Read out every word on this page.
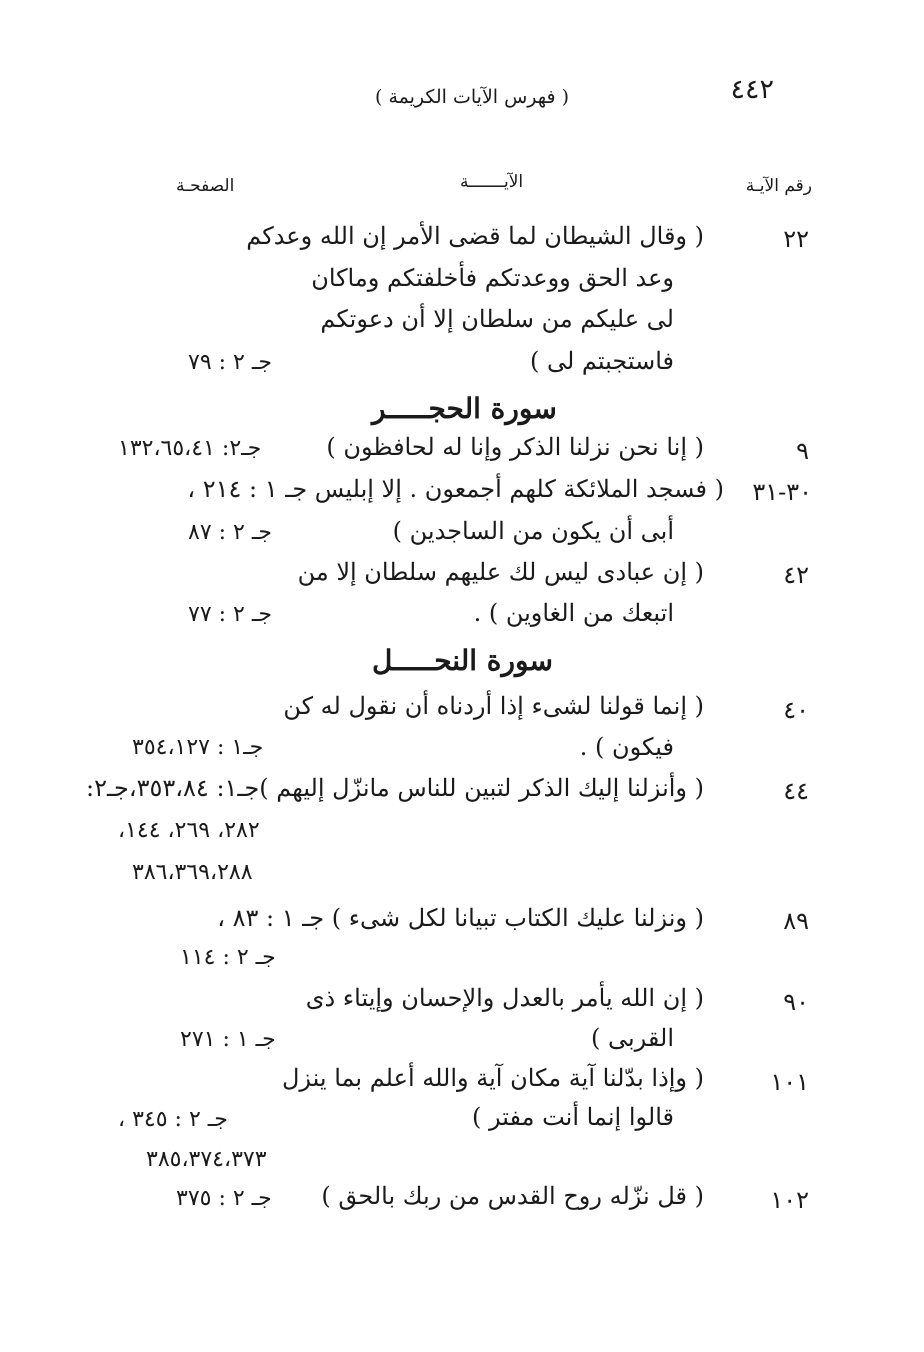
٤٤٢
( فهرس الآيات الكريمة )
رقم الآيـة
الآيـــــــة
الصفحـة
٢٢
( وقال الشيطان لما قضى الأمر إن الله وعدكم
وعد الحق ووعدتكم فأخلفتكم وماكان
لى عليكم من سلطان إلا أن دعوتكم
فاستجبتم لى )
جـ ٢ : ٧٩
سورة الحجـــــر
٩
( إنا نحن نزلنا الذكر وإنا له لحافظون )
جـ٢: ١٣٢،٦٥،٤١
٣٠-٣١
( فسجد الملائكة كلهم أجمعون . إلا إبليس جـ ١ : ٢١٤ ،
أبى أن يكون من الساجدين )
جـ ٢ : ٨٧
٤٢
( إن عبادى ليس لك عليهم سلطان إلا من
اتبعك من الغاوين ) .
جـ ٢ : ٧٧
سورة النحـــــل
٤٠
( إنما قولنا لشىء إذا أردناه أن نقول له كن
فيكون ) .
جـ١ : ٣٥٤،١٢٧
٤٤
( وأنزلنا إليك الذكر لتبين للناس مانزّل إليهم )جـ١: ٣٥٣،٨٤،جـ٢:
٢٨٢، ٢٦٩، ١٤٤،
٣٨٦،٣٦٩،٢٨٨
٨٩
( ونزلنا عليك الكتاب تبيانا لكل شىء ) جـ ١ : ٨٣ ،
جـ ٢ : ١١٤
٩٠
( إن الله يأمر بالعدل والإحسان وإيتاء ذى
القربى )
جـ ١ : ٢٧١
١٠١
( وإذا بدّلنا آية مكان آية والله أعلم بما ينزل
قالوا إنما أنت مفتر )
جـ ٢ : ٣٤٥ ،
٣٨٥،٣٧٤،٣٧٣
١٠٢
( قل نزّله روح القدس من ربك بالحق )
جـ ٢ : ٣٧٥
